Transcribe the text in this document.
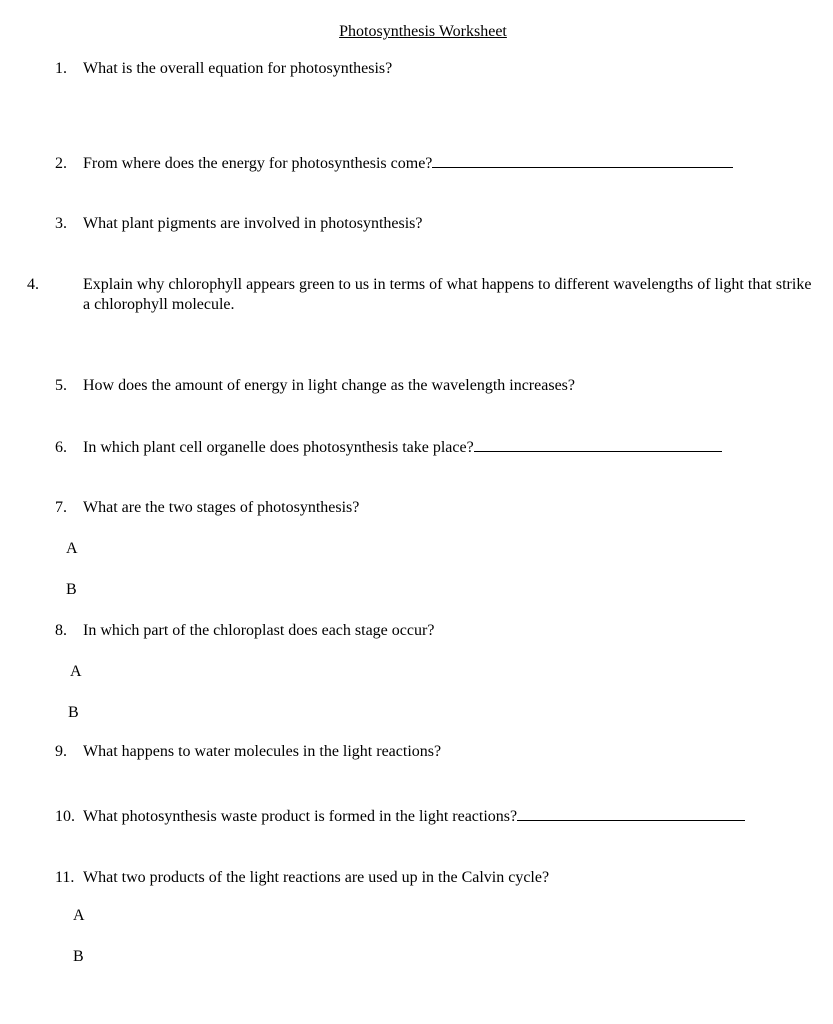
Photosynthesis Worksheet
1. What is the overall equation for photosynthesis?
2. From where does the energy for photosynthesis come?
3. What plant pigments are involved in photosynthesis?
4.	Explain why chlorophyll appears green to us in terms of what happens to different wavelengths of light that strike a chlorophyll molecule.
5. How does the amount of energy in light change as the wavelength increases?
6. In which plant cell organelle does photosynthesis take place?
7. What are the two stages of photosynthesis?
A
B
8. In which part of the chloroplast does each stage occur?
A
B
9. What happens to water molecules in the light reactions?
10. What photosynthesis waste product is formed in the light reactions?
11. What two products of the light reactions are used up in the Calvin cycle?
A
B
